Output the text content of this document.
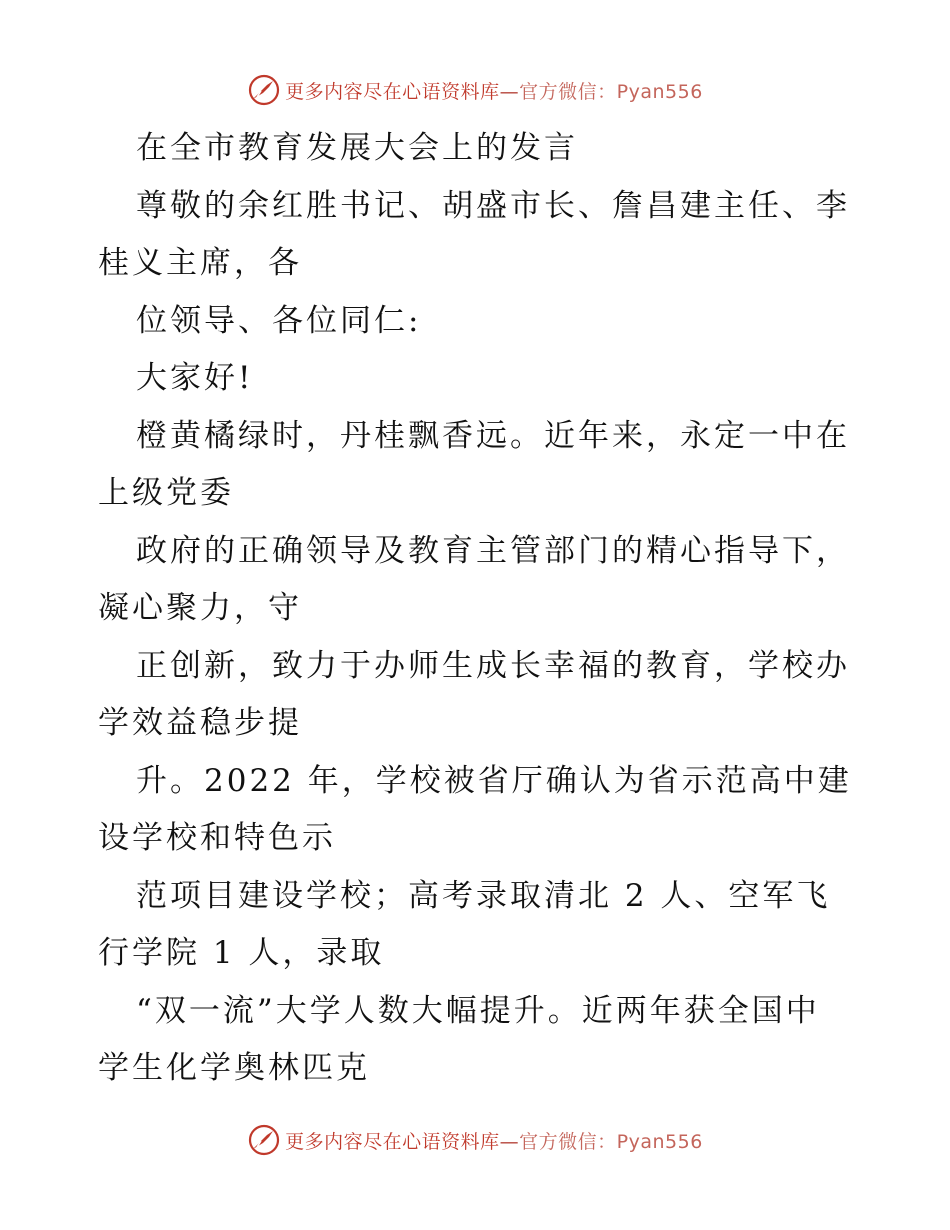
更多内容尽在心语资料库—官方微信：Pyan556
在全市教育发展大会上的发言
尊敬的余红胜书记、胡盛市长、詹昌建主任、李
桂义主席，各
位领导、各位同仁:
大家好!
橙黄橘绿时，丹桂飘香远。近年来，永定一中在
上级党委
政府的正确领导及教育主管部门的精心指导下，
凝心聚力，守
正创新，致力于办师生成长幸福的教育，学校办
学效益稳步提
升。2022 年，学校被省厅确认为省示范高中建
设学校和特色示
范项目建设学校；高考录取清北 2 人、空军飞
行学院 1 人，录取
“双一流”大学人数大幅提升。近两年获全国中
学生化学奥林匹克
更多内容尽在心语资料库—官方微信：Pyan556
